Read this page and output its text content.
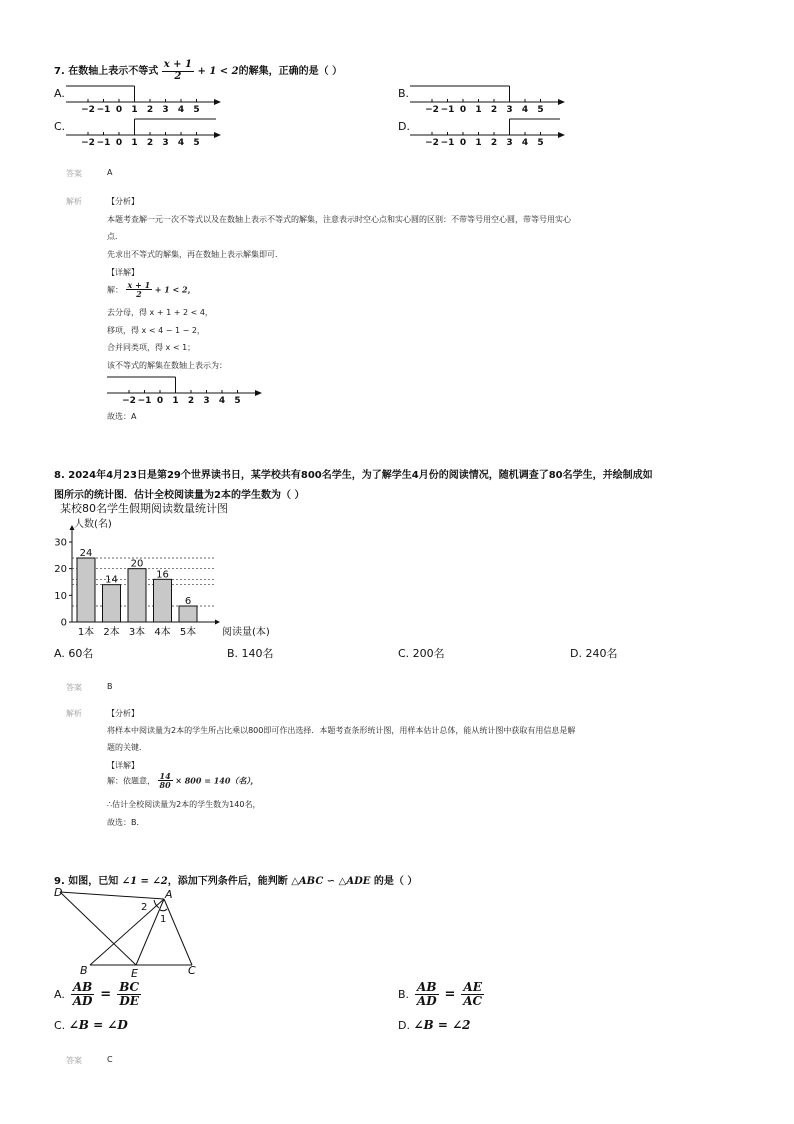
7. 在数轴上表示不等式 $\frac{x + 1}{2} + 1 < 2$的解集，正确的是（ ）
A.	B.
C.	D.
−2 −1 0 1 2 3 4 5	−2 −1 0 1 2 3 4 5
−2 −1 0 1 2 3 4 5	−2 −1 0 1 2 3 4 5
答案	A
解析	【分析】
本题考查解一元一次不等式以及在数轴上表示不等式的解集，注意表示时空心点和实心圆的区别：不带等号用空心圆，带等号用实心
点．
先求出不等式的解集，再在数轴上表示解集即可．
【详解】
解： $\frac{x + 1}{2} + 1 < 2$，
去分母，得 x + 1 + 2 < 4，
移项，得 x < 4 − 1 − 2，
合并同类项，得 x < 1；
该不等式的解集在数轴上表示为：
−2 −1 0 1 2 3 4 5
故选：A
8. 2024年4月23日是第29个世界读书日，某学校共有800名学生，为了解学生4月份的阅读情况，随机调查了80名学生，并绘制成如
图所示的统计图．估计全校阅读量为2本的学生数为（ ）
某校80名学生假期阅读数量统计图
人数(名)
0
10
20
30
24
1本
14
2本
20
3本
16
4本
6
5本	阅读量(本)
A. 60名	B. 140名	C. 200名	D. 240名
答案	B
解析	【分析】
将样本中阅读量为2本的学生所占比乘以800即可作出选择．本题考查条形统计图，用样本估计总体，能从统计图中获取有用信息是解
题的关键．
【详解】
解：依题意， $\frac{14}{80} \times 800 = 140$（名），
∴估计全校阅读量为2本的学生数为140名，
故选：B．
9. 如图，已知 ∠1 = ∠2，添加下列条件后，能判断 △ABC ∽ △ADE 的是（ ）
D	A
B	E	C
2
1
A. $\frac{AB}{AD} = \frac{BC}{DE}$	B. $\frac{AB}{AD} = \frac{AE}{AC}$
C. ∠B = ∠D	D. ∠B = ∠2
答案	C
